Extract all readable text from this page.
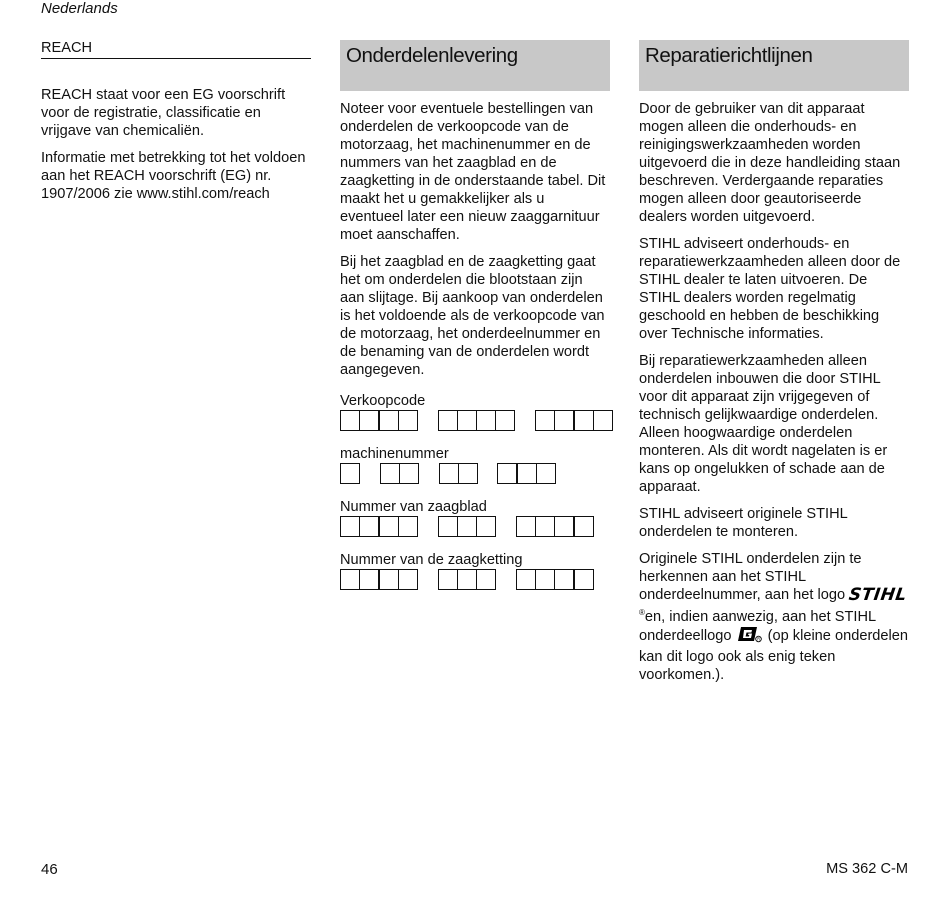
Nederlands
REACH

REACH staat voor een EG voorschrift voor de registratie, classificatie en vrijgave van chemicaliën.

Informatie met betrekking tot het voldoen aan het REACH voorschrift (EG) nr. 1907/2006 zie www.stihl.com/reach

Onderdelenlevering

Noteer voor eventuele bestellingen van onderdelen de verkoopcode van de motorzaag, het machinenummer en de nummers van het zaagblad en de zaagketting in de onderstaande tabel. Dit maakt het u gemakkelijker als u eventueel later een nieuw zaaggarnituur moet aanschaffen.

Bij het zaagblad en de zaagketting gaat het om onderdelen die blootstaan zijn aan slijtage. Bij aankoop van onderdelen is het voldoende als de verkoopcode van de motorzaag, het onderdeelnummer en de benaming van de onderdelen wordt aangegeven.

Verkoopcode
machinenummer
Nummer van zaagblad
Nummer van de zaagketting
Reparatierichtlijnen

Door de gebruiker van dit apparaat mogen alleen die onderhouds- en reinigingswerkzaamheden worden uitgevoerd die in deze handleiding staan beschreven. Verdergaande reparaties mogen alleen door geautoriseerde dealers worden uitgevoerd.

STIHL adviseert onderhouds- en reparatiewerkzaamheden alleen door de STIHL dealer te laten uitvoeren. De STIHL dealers worden regelmatig geschoold en hebben de beschikking over Technische informaties.

Bij reparatiewerkzaamheden alleen onderdelen inbouwen die door STIHL voor dit apparaat zijn vrijgegeven of technisch gelijkwaardige onderdelen. Alleen hoogwaardige onderdelen monteren. Als dit wordt nagelaten is er kans op ongelukken of schade aan de apparaat.

STIHL adviseert originele STIHL onderdelen te monteren.

Originele STIHL onderdelen zijn te herkennen aan het STIHL onderdeelnummer, aan het logo STIHL®en, indien aanwezig, aan het STIHL onderdeellogo	R (op kleine onderdelen kan dit logo ook als enig teken voorkomen.).

46	MS 362 C-M
